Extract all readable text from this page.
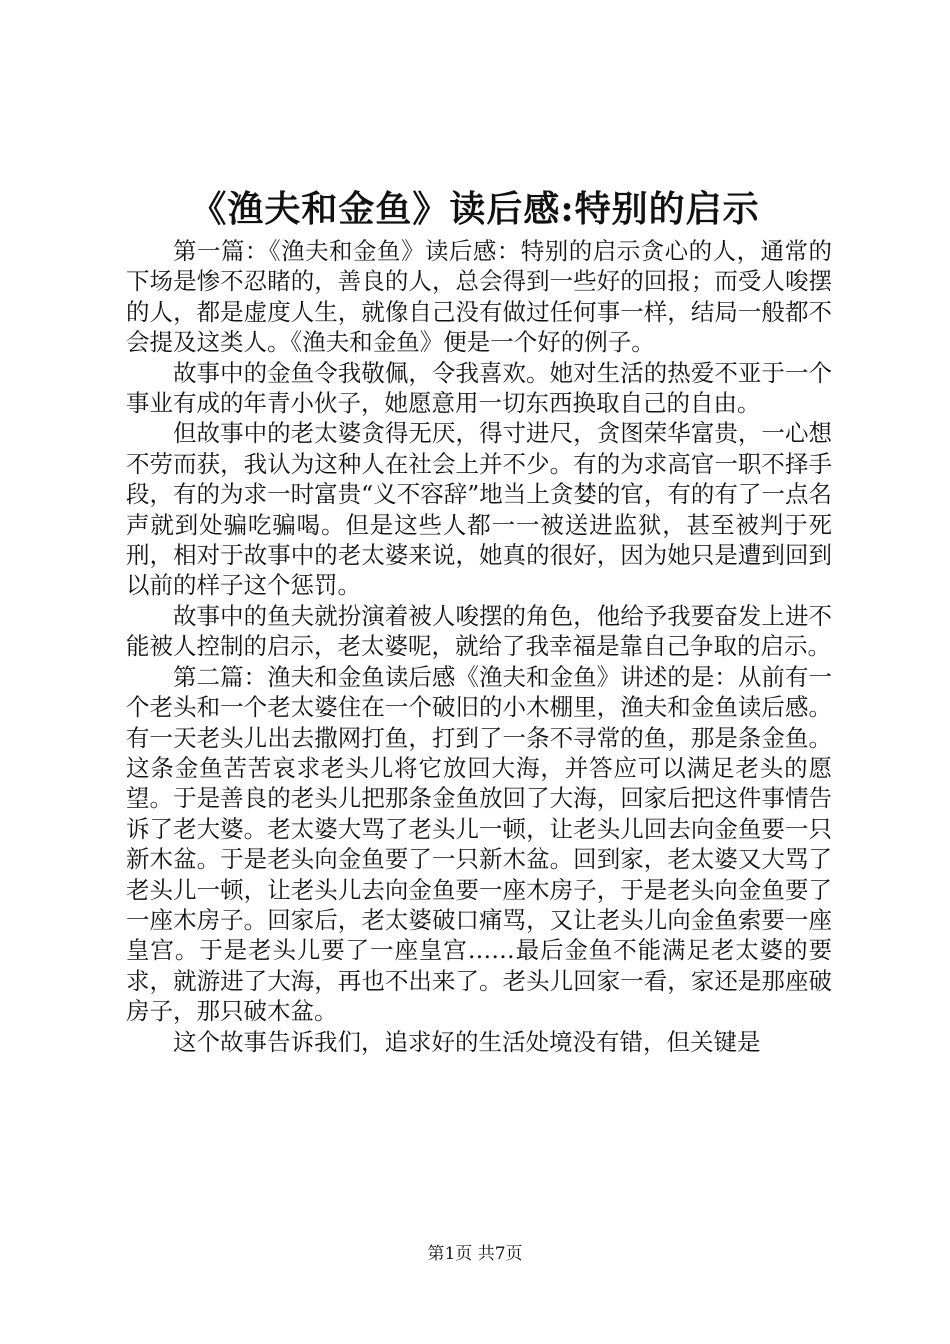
《渔夫和金鱼》读后感:特别的启示

第一篇：《渔夫和金鱼》读后感：特别的启示贪心的人，通常的下场是惨不忍睹的，善良的人，总会得到一些好的回报；而受人唆摆的人，都是虚度人生，就像自己没有做过任何事一样，结局一般都不会提及这类人。《渔夫和金鱼》便是一个好的例子。

故事中的金鱼令我敬佩，令我喜欢。她对生活的热爱不亚于一个事业有成的年青小伙子，她愿意用一切东西换取自己的自由。

但故事中的老太婆贪得无厌，得寸进尺，贪图荣华富贵，一心想不劳而获，我认为这种人在社会上并不少。有的为求高官一职不择手段，有的为求一时富贵“义不容辞”地当上贪婪的官，有的有了一点名声就到处骗吃骗喝。但是这些人都一一被送进监狱，甚至被判于死刑，相对于故事中的老太婆来说，她真的很好，因为她只是遭到回到以前的样子这个惩罚。

故事中的鱼夫就扮演着被人唆摆的角色，他给予我要奋发上进不能被人控制的启示，老太婆呢，就给了我幸福是靠自己争取的启示。

第二篇：渔夫和金鱼读后感《渔夫和金鱼》讲述的是：从前有一个老头和一个老太婆住在一个破旧的小木棚里，渔夫和金鱼读后感。有一天老头儿出去撒网打鱼，打到了一条不寻常的鱼，那是条金鱼。这条金鱼苦苦哀求老头儿将它放回大海，并答应可以满足老头的愿望。于是善良的老头儿把那条金鱼放回了大海，回家后把这件事情告诉了老大婆。老太婆大骂了老头儿一顿，让老头儿回去向金鱼要一只新木盆。于是老头向金鱼要了一只新木盆。回到家，老太婆又大骂了老头儿一顿，让老头儿去向金鱼要一座木房子，于是老头向金鱼要了一座木房子。回家后，老太婆破口痛骂，又让老头儿向金鱼索要一座皇宫。于是老头儿要了一座皇宫……最后金鱼不能满足老太婆的要求，就游进了大海，再也不出来了。老头儿回家一看，家还是那座破房子，那只破木盆。

这个故事告诉我们，追求好的生活处境没有错，但关键是

第1页 共7页
